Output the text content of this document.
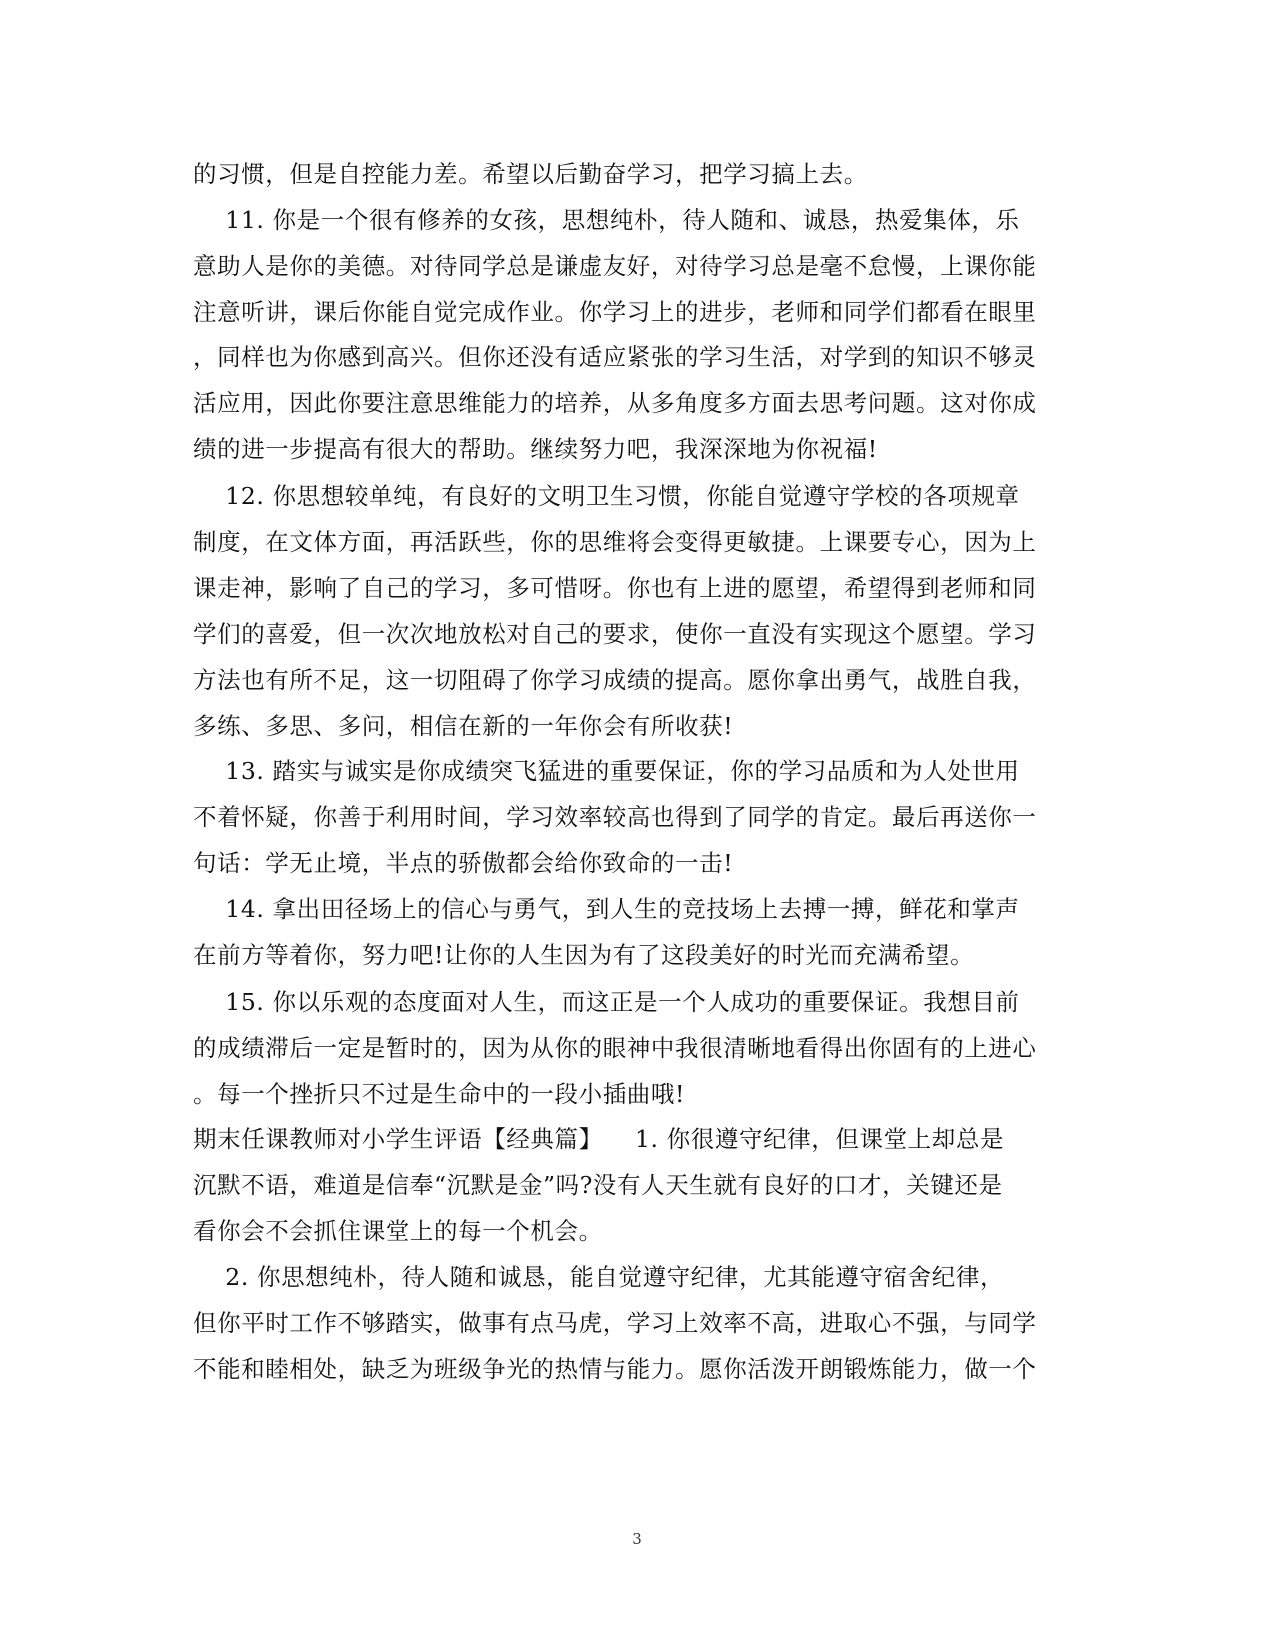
的习惯，但是自控能力差。希望以后勤奋学习，把学习搞上去。
11. 你是一个很有修养的女孩，思想纯朴，待人随和、诚恳，热爱集体，乐
意助人是你的美德。对待同学总是谦虚友好，对待学习总是毫不怠慢，上课你能
注意听讲，课后你能自觉完成作业。你学习上的进步，老师和同学们都看在眼里
，同样也为你感到高兴。但你还没有适应紧张的学习生活，对学到的知识不够灵
活应用，因此你要注意思维能力的培养，从多角度多方面去思考问题。这对你成
绩的进一步提高有很大的帮助。继续努力吧，我深深地为你祝福!
12. 你思想较单纯，有良好的文明卫生习惯，你能自觉遵守学校的各项规章
制度，在文体方面，再活跃些，你的思维将会变得更敏捷。上课要专心，因为上
课走神，影响了自己的学习，多可惜呀。你也有上进的愿望，希望得到老师和同
学们的喜爱，但一次次地放松对自己的要求，使你一直没有实现这个愿望。学习
方法也有所不足，这一切阻碍了你学习成绩的提高。愿你拿出勇气，战胜自我，
多练、多思、多问，相信在新的一年你会有所收获!
13. 踏实与诚实是你成绩突飞猛进的重要保证，你的学习品质和为人处世用
不着怀疑，你善于利用时间，学习效率较高也得到了同学的肯定。最后再送你一
句话：学无止境，半点的骄傲都会给你致命的一击!
14. 拿出田径场上的信心与勇气，到人生的竞技场上去搏一搏，鲜花和掌声
在前方等着你，努力吧!让你的人生因为有了这段美好的时光而充满希望。
15. 你以乐观的态度面对人生，而这正是一个人成功的重要保证。我想目前
的成绩滞后一定是暂时的，因为从你的眼神中我很清晰地看得出你固有的上进心
。每一个挫折只不过是生命中的一段小插曲哦!
期末任课教师对小学生评语【经典篇】    1. 你很遵守纪律，但课堂上却总是
沉默不语，难道是信奉“沉默是金”吗?没有人天生就有良好的口才，关键还是
看你会不会抓住课堂上的每一个机会。
2. 你思想纯朴，待人随和诚恳，能自觉遵守纪律，尤其能遵守宿舍纪律，
但你平时工作不够踏实，做事有点马虎，学习上效率不高，进取心不强，与同学
不能和睦相处，缺乏为班级争光的热情与能力。愿你活泼开朗锻炼能力，做一个
3
